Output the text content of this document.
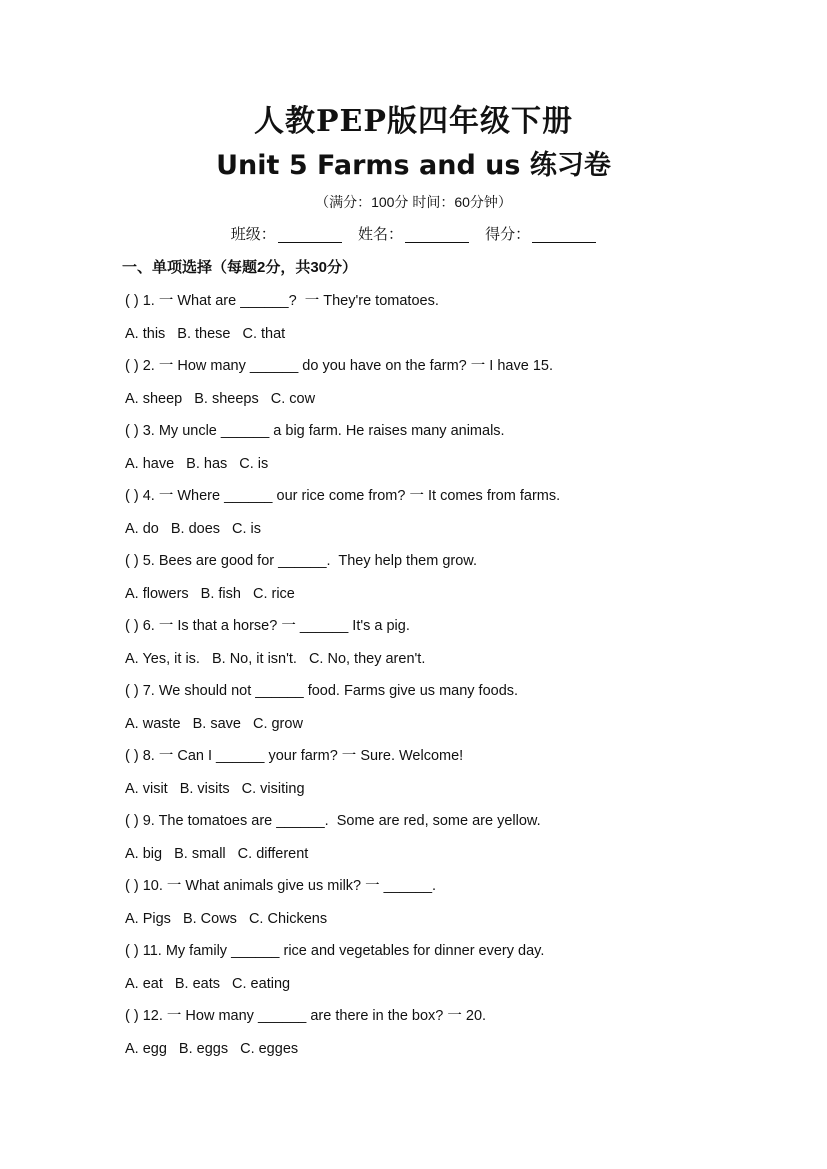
人教PEP版四年级下册
Unit 5 Farms and us 练习卷
（满分：100分 时间：60分钟）
班级：	姓名：	得分：
一、单项选择（每题2分，共30分）
( ) 1. 一 What are ______?  一 They're tomatoes.
A. this B. these C. that
( ) 2. 一 How many ______ do you have on the farm? 一 I have 15.
A. sheep B. sheeps C. cow
( ) 3. My uncle ______ a big farm. He raises many animals.
A. have B. has C. is
( ) 4. 一 Where ______ our rice come from? 一 It comes from farms.
A. do B. does C. is
( ) 5. Bees are good for ______.  They help them grow.
A. flowers B. fish C. rice
( ) 6. 一 Is that a horse? 一 ______ It's a pig.
A. Yes, it is. B. No, it isn't. C. No, they aren't.
( ) 7. We should not ______ food. Farms give us many foods.
A. waste B. save C. grow
( ) 8. 一 Can I ______ your farm? 一 Sure. Welcome!
A. visit B. visits C. visiting
( ) 9. The tomatoes are ______.  Some are red, some are yellow.
A. big B. small C. different
( ) 10. 一 What animals give us milk? 一 ______.
A. Pigs B. Cows C. Chickens
( ) 11. My family ______ rice and vegetables for dinner every day.
A. eat B. eats C. eating
( ) 12. 一 How many ______ are there in the box? 一 20.
A. egg B. eggs C. egges
